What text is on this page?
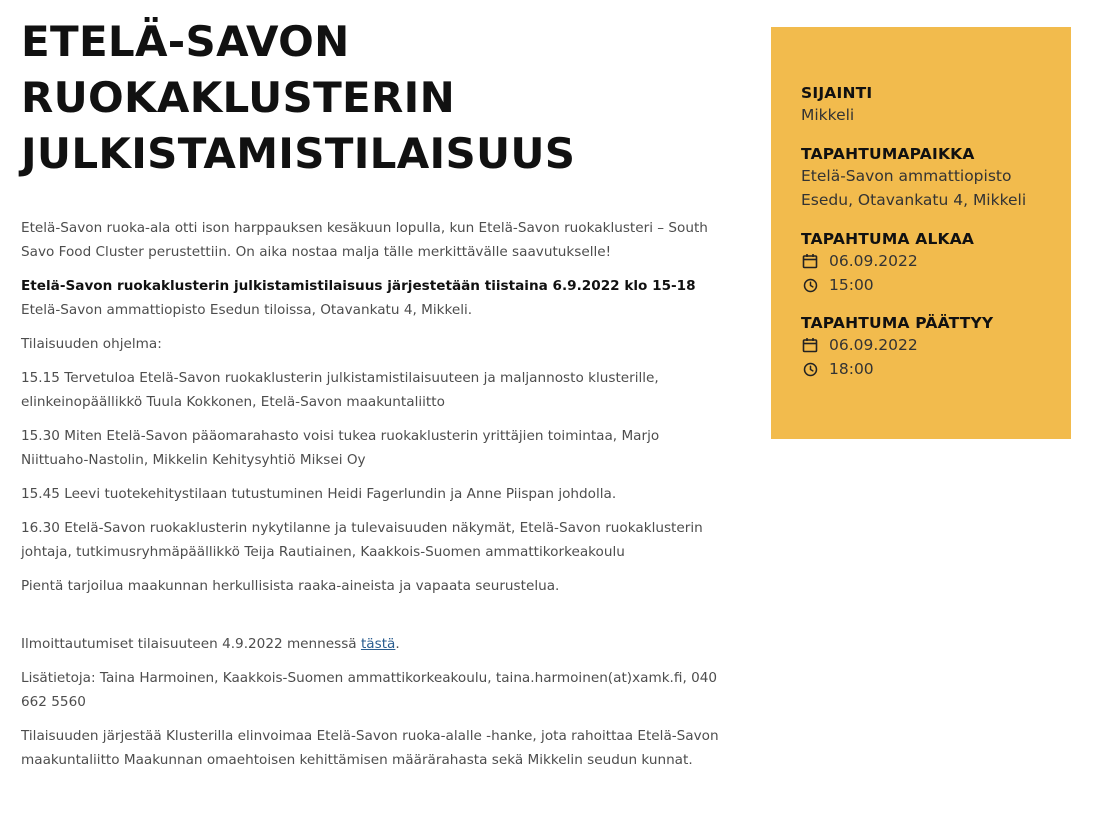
ETELÄ-SAVON
RUOKAKLUSTERIN
JULKISTAMISTILAISUUS

Etelä-Savon ruoka-ala otti ison harppauksen kesäkuun lopulla, kun Etelä-Savon ruokaklusteri – South Savo Food Cluster perustettiin. On aika nostaa malja tälle merkittävälle saavutukselle!

Etelä-Savon ruokaklusterin julkistamistilaisuus järjestetään tiistaina 6.9.2022 klo 15-18 Etelä-Savon ammattiopisto Esedun tiloissa, Otavankatu 4, Mikkeli.

Tilaisuuden ohjelma:

15.15 Tervetuloa Etelä-Savon ruokaklusterin julkistamistilaisuuteen ja maljannosto klusterille, elinkeinopäällikkö Tuula Kokkonen, Etelä-Savon maakuntaliitto

15.30 Miten Etelä-Savon pääomarahasto voisi tukea ruokaklusterin yrittäjien toimintaa, Marjo Niittuaho-Nastolin, Mikkelin Kehitysyhtiö Miksei Oy

15.45 Leevi tuotekehitystilaan tutustuminen Heidi Fagerlundin ja Anne Piispan johdolla.

16.30 Etelä-Savon ruokaklusterin nykytilanne ja tulevaisuuden näkymät, Etelä-Savon ruokaklusterin johtaja, tutkimusryhmäpäällikkö Teija Rautiainen, Kaakkois-Suomen ammattikorkeakoulu

Pientä tarjoilua maakunnan herkullisista raaka-aineista ja vapaata seurustelua.

Ilmoittautumiset tilaisuuteen 4.9.2022 mennessä tästä.

Lisätietoja: Taina Harmoinen, Kaakkois-Suomen ammattikorkeakoulu, taina.harmoinen(at)xamk.fi, 040 662 5560

Tilaisuuden järjestää Klusterilla elinvoimaa Etelä-Savon ruoka-alalle -hanke, jota rahoittaa Etelä-Savon maakuntaliitto Maakunnan omaehtoisen kehittämisen määrärahasta sekä Mikkelin seudun kunnat.

SIJAINTI
Mikkeli
TAPAHTUMAPAIKKA
Etelä-Savon ammattiopisto Esedu, Otavankatu 4, Mikkeli
TAPAHTUMA ALKAA
06.09.2022
15:00
TAPAHTUMA PÄÄTTYY
06.09.2022
18:00
